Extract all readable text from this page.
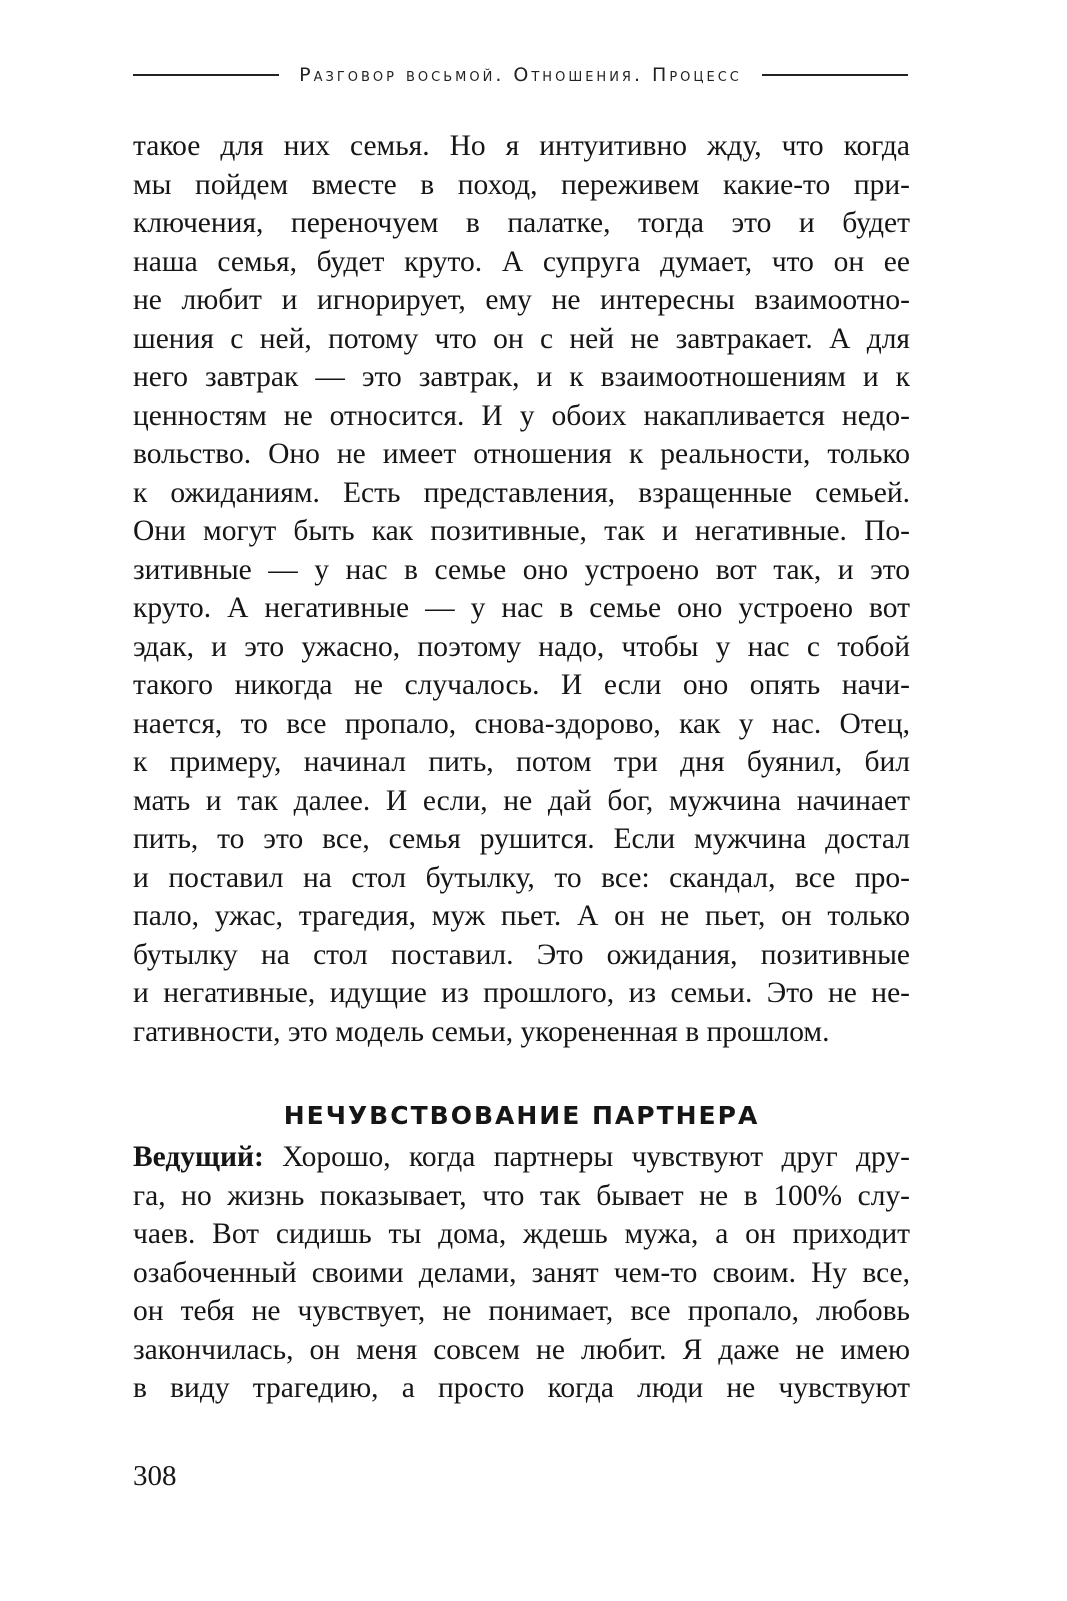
Разговор восьмой. Отношения. Процесс
такое для них семья. Но я интуитивно жду, что когда
мы пойдем вместе в поход, переживем какие-то при-
ключения, переночуем в палатке, тогда это и будет
наша семья, будет круто. А супруга думает, что он ее
не любит и игнорирует, ему не интересны взаимоотно-
шения с ней, потому что он с ней не завтракает. А для
него завтрак — это завтрак, и к взаимоотношениям и к
ценностям не относится. И у обоих накапливается недо-
вольство. Оно не имеет отношения к реальности, только
к ожиданиям. Есть представления, взращенные семьей.
Они могут быть как позитивные, так и негативные. По-
зитивные — у нас в семье оно устроено вот так, и это
круто. А негативные — у нас в семье оно устроено вот
эдак, и это ужасно, поэтому надо, чтобы у нас с тобой
такого никогда не случалось. И если оно опять начи-
нается, то все пропало, снова-здорово, как у нас. Отец,
к примеру, начинал пить, потом три дня буянил, бил
мать и так далее. И если, не дай бог, мужчина начинает
пить, то это все, семья рушится. Если мужчина достал
и поставил на стол бутылку, то все: скандал, все про-
пало, ужас, трагедия, муж пьет. А он не пьет, он только
бутылку на стол поставил. Это ожидания, позитивные
и негативные, идущие из прошлого, из семьи. Это не не-
гативности, это модель семьи, укорененная в прошлом.
НЕЧУВСТВОВАНИЕ ПАРТНЕРА
Ведущий: Хорошо, когда партнеры чувствуют друг дру-
га, но жизнь показывает, что так бывает не в 100% слу-
чаев. Вот сидишь ты дома, ждешь мужа, а он приходит
озабоченный своими делами, занят чем-то своим. Ну все,
он тебя не чувствует, не понимает, все пропало, любовь
закончилась, он меня совсем не любит. Я даже не имею
в виду трагедию, а просто когда люди не чувствуют
308
